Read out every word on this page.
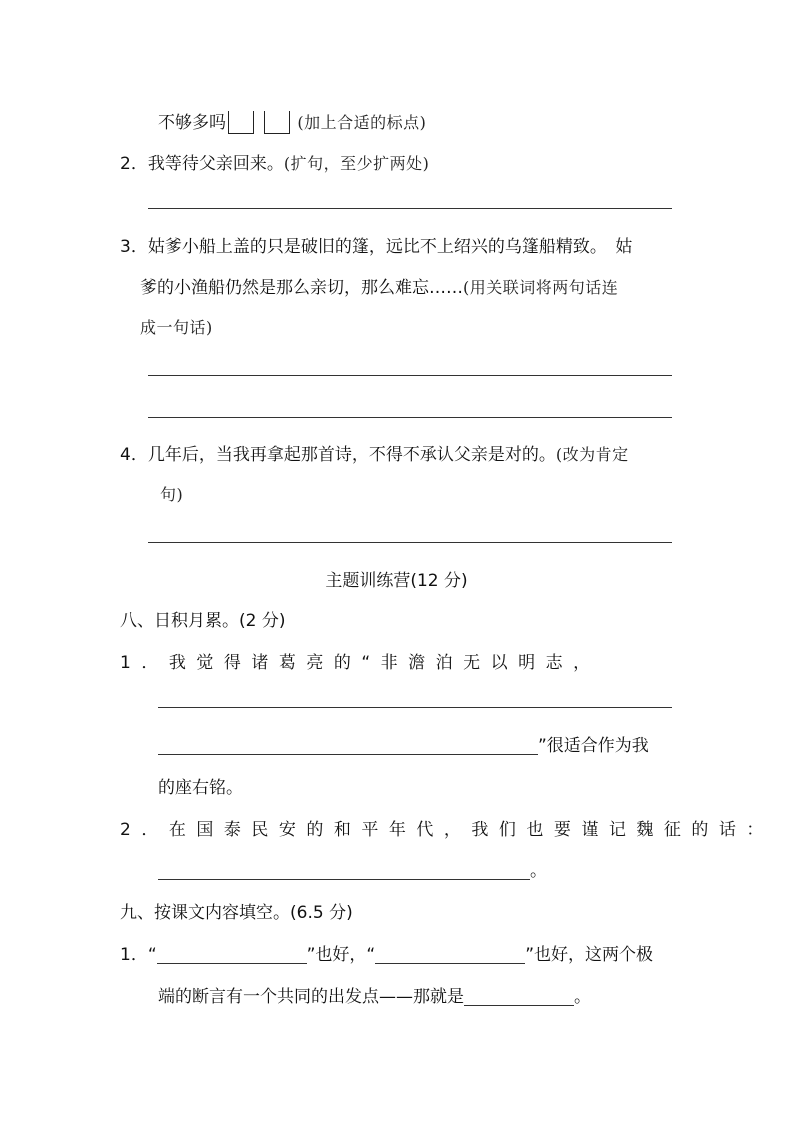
不够多吗	(加上合适的标点)
2．我等待父亲回来。(扩句，至少扩两处)
3．姑爹小船上盖的只是破旧的篷，远比不上绍兴的乌篷船精致。　姑
爹的小渔船仍然是那么亲切，那么难忘……(用关联词将两句话连
成一句话)
4．几年后，当我再拿起那首诗，不得不承认父亲是对的。(改为肯定
句)
主题训练营(12 分)
八、日积月累。(2 分)
1．我觉得诸葛亮的“非澹泊无以明志，
”很适合作为我
的座右铭。
2．在国泰民安的和平年代，我们也要谨记魏征的话：
。
九、按课文内容填空。(6.5 分)
1．“	”也好，“	”也好，这两个极
端的断言有一个共同的出发点——那就是	。
